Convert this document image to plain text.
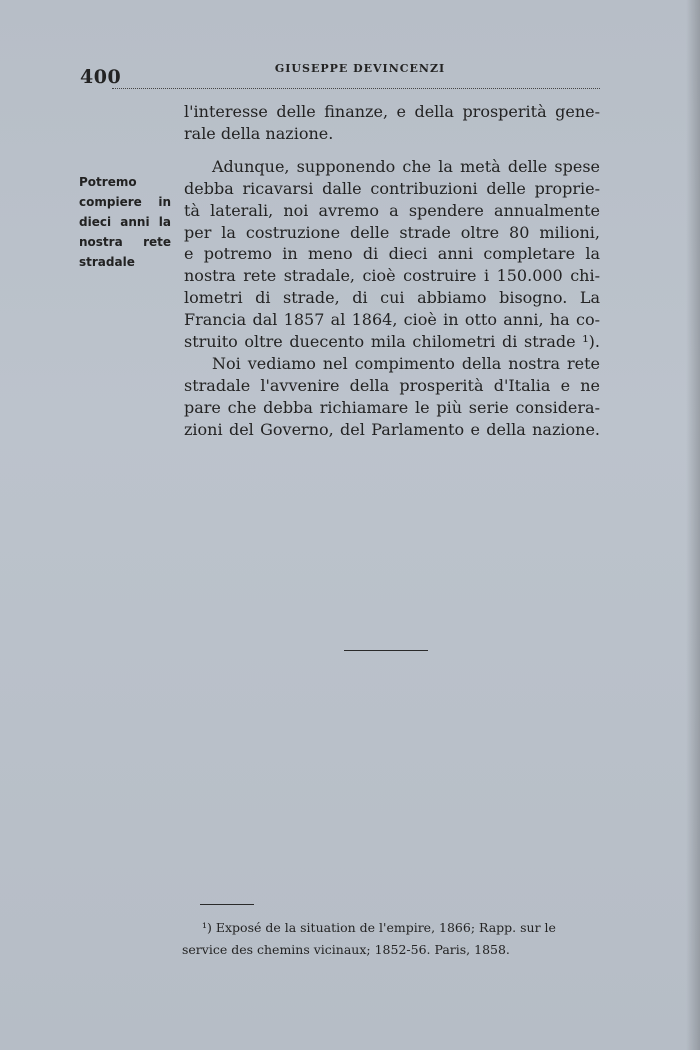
400	GIUSEPPE DEVINCENZI
Potremo
compiere in
dieci anni la
nostra rete
stradale

l'interesse delle finanze, e della prosperità gene-
rale della nazione.

Adunque, supponendo che la metà delle spese
debba ricavarsi dalle contribuzioni delle proprie-
tà laterali, noi avremo a spendere annualmente
per la costruzione delle strade oltre 80 milioni,
e potremo in meno di dieci anni completare la
nostra rete stradale, cioè costruire i 150.000 chi-
lometri di strade, di cui abbiamo bisogno. La
Francia dal 1857 al 1864, cioè in otto anni, ha co-
struito oltre duecento mila chilometri di strade ¹).

Noi vediamo nel compimento della nostra rete
stradale l'avvenire della prosperità d'Italia e ne
pare che debba richiamare le più serie considera-
zioni del Governo, del Parlamento e della nazione.

¹) Exposé de la situation de l'empire, 1866; Rapp. sur le
service des chemins vicinaux; 1852-56. Paris, 1858.
